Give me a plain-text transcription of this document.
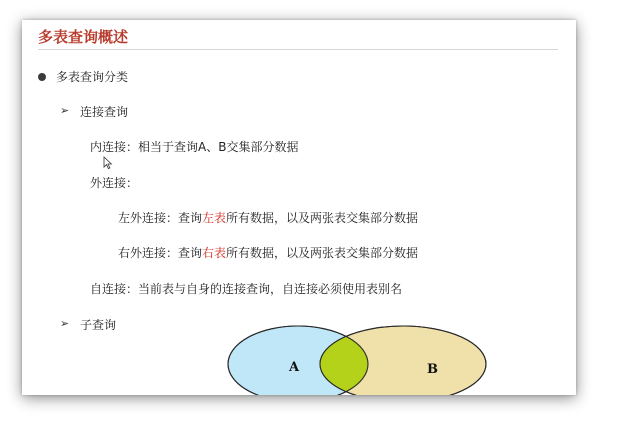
多表查询概述
多表查询分类
➢ 连接查询
内连接：相当于查询A、B交集部分数据
外连接：
左外连接：查询左表所有数据，以及两张表交集部分数据
右外连接：查询右表所有数据，以及两张表交集部分数据
自连接：当前表与自身的连接查询，自连接必须使用表别名
➢ 子查询
A	B
